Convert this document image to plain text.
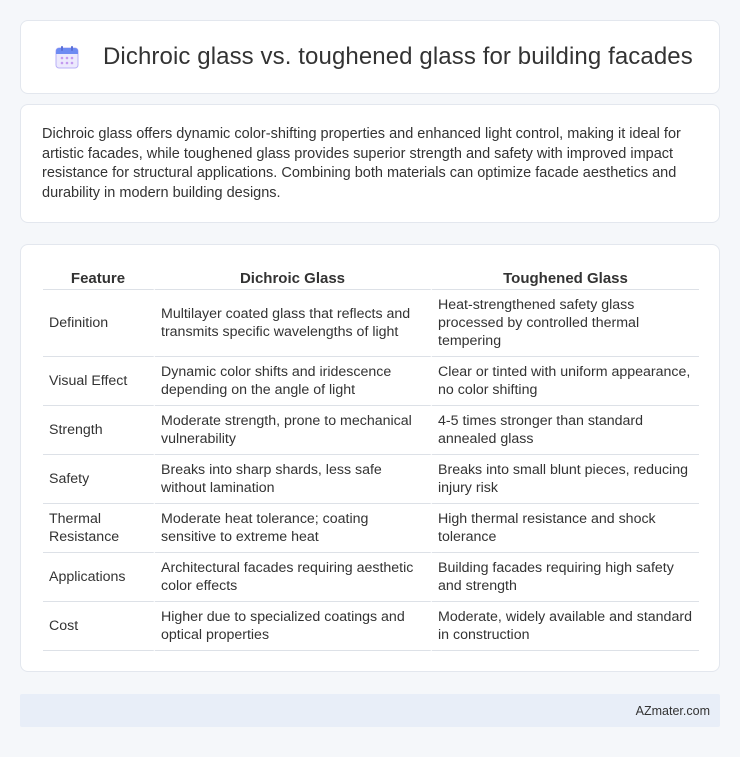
Dichroic glass vs. toughened glass for building facades

Dichroic glass offers dynamic color-shifting properties and enhanced light control, making it ideal for artistic facades, while toughened glass provides superior strength and safety with improved impact resistance for structural applications. Combining both materials can optimize facade aesthetics and durability in modern building designs.

Feature	Dichroic Glass	Toughened Glass
Definition	Multilayer coated glass that reflects and transmits specific wavelengths of light	Heat-strengthened safety glass processed by controlled thermal tempering
Visual Effect	Dynamic color shifts and iridescence depending on the angle of light	Clear or tinted with uniform appearance, no color shifting
Strength	Moderate strength, prone to mechanical vulnerability	4-5 times stronger than standard annealed glass
Safety	Breaks into sharp shards, less safe without lamination	Breaks into small blunt pieces, reducing injury risk
Thermal Resistance	Moderate heat tolerance; coating sensitive to extreme heat	High thermal resistance and shock tolerance
Applications	Architectural facades requiring aesthetic color effects	Building facades requiring high safety and strength
Cost	Higher due to specialized coatings and optical properties	Moderate, widely available and standard in construction
AZmater.com
